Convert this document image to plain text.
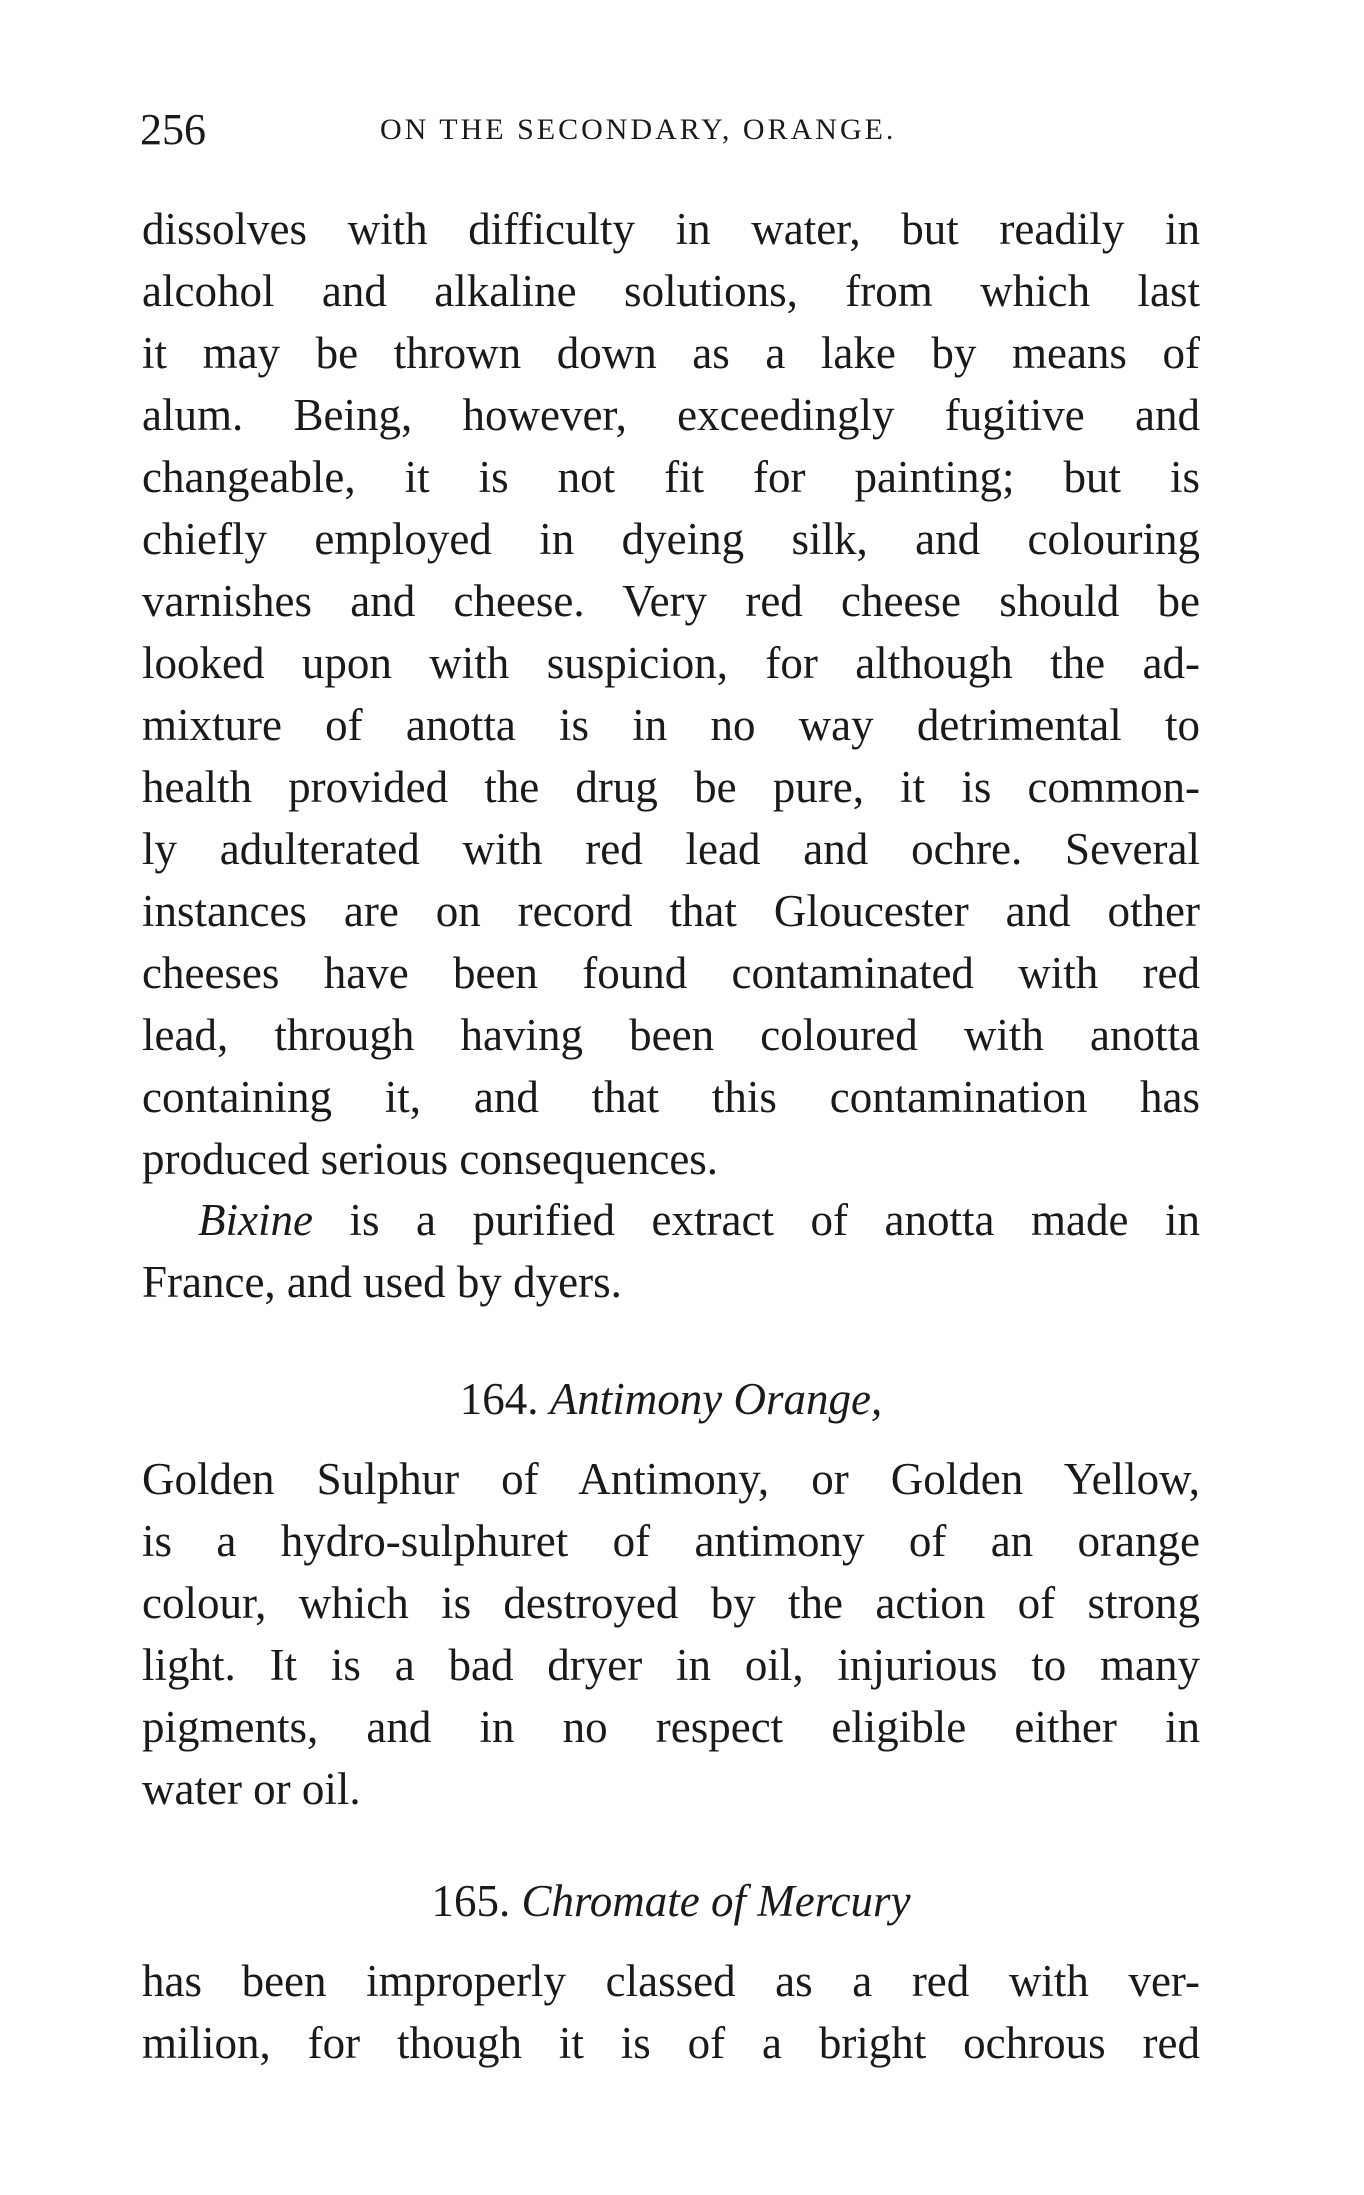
256	ON THE SECONDARY, ORANGE.
dissolves with difficulty in water, but readily in
alcohol and alkaline solutions, from which last
it may be thrown down as a lake by means of
alum. Being, however, exceedingly fugitive and
changeable, it is not fit for painting; but is
chiefly employed in dyeing silk, and colouring
varnishes and cheese. Very red cheese should be
looked upon with suspicion, for although the ad-
mixture of anotta is in no way detrimental to
health provided the drug be pure, it is common-
ly adulterated with red lead and ochre. Several
instances are on record that Gloucester and other
cheeses have been found contaminated with red
lead, through having been coloured with anotta
containing it, and that this contamination has
produced serious consequences.
Bixine is a purified extract of anotta made in
France, and used by dyers.
164. Antimony Orange,
Golden Sulphur of Antimony, or Golden Yellow,
is a hydro-sulphuret of antimony of an orange
colour, which is destroyed by the action of strong
light. It is a bad dryer in oil, injurious to many
pigments, and in no respect eligible either in
water or oil.
165. Chromate of Mercury
has been improperly classed as a red with ver-
milion, for though it is of a bright ochrous red
